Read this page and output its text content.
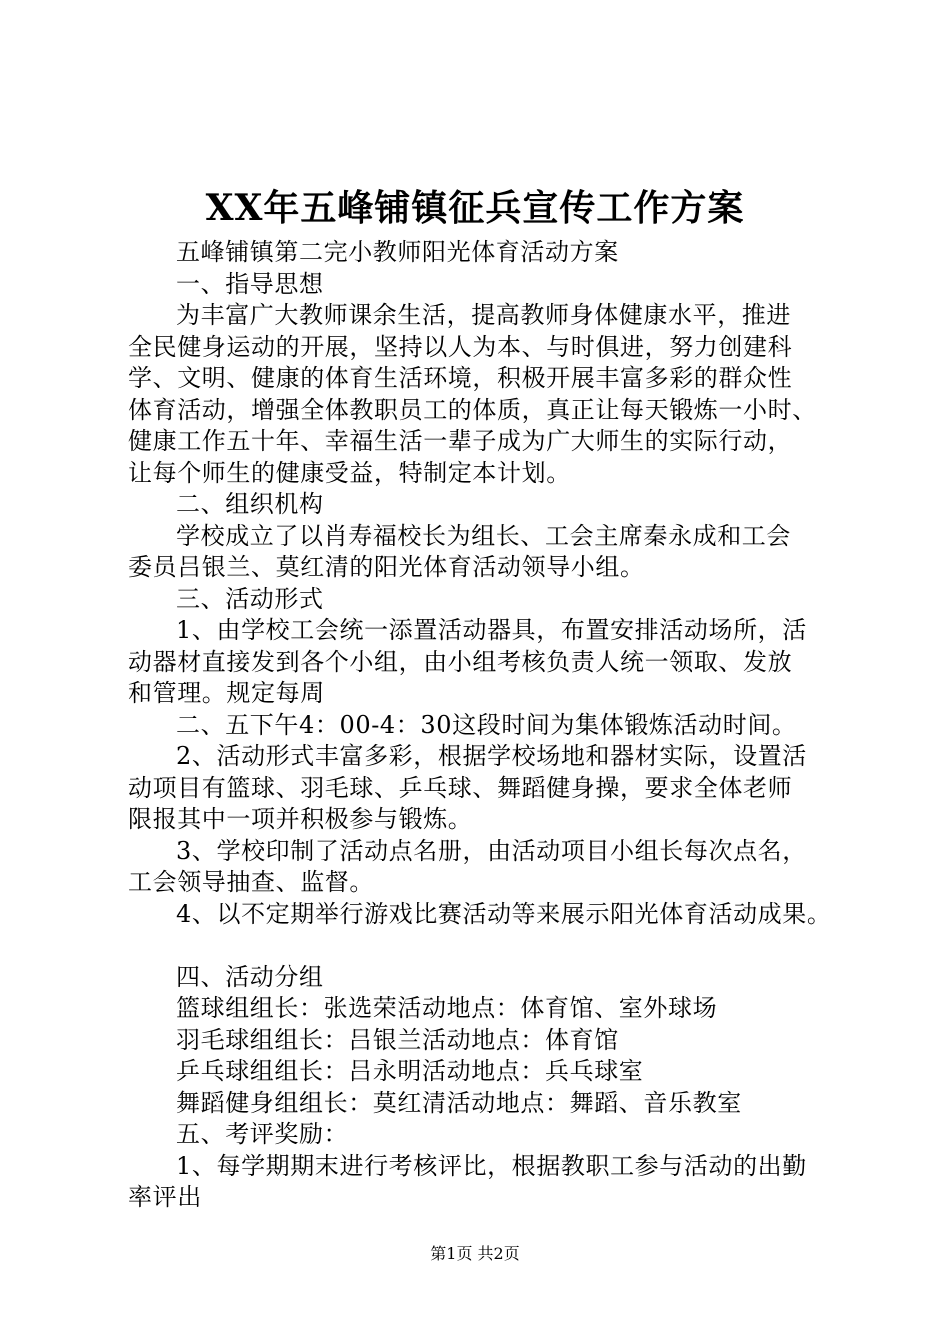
XX年五峰铺镇征兵宣传工作方案
五峰铺镇第二完小教师阳光体育活动方案
一、指导思想
为丰富广大教师课余生活，提高教师身体健康水平，推进
全民健身运动的开展，坚持以人为本、与时俱进，努力创建科
学、文明、健康的体育生活环境，积极开展丰富多彩的群众性
体育活动，增强全体教职员工的体质，真正让每天锻炼一小时、
健康工作五十年、幸福生活一辈子成为广大师生的实际行动，
让每个师生的健康受益，特制定本计划。
二、组织机构
学校成立了以肖寿福校长为组长、工会主席秦永成和工会
委员吕银兰、莫红清的阳光体育活动领导小组。
三、活动形式
1、由学校工会统一添置活动器具，布置安排活动场所，活
动器材直接发到各个小组，由小组考核负责人统一领取、发放
和管理。规定每周
二、五下午4：00-4：30这段时间为集体锻炼活动时间。
2、活动形式丰富多彩，根据学校场地和器材实际，设置活
动项目有篮球、羽毛球、乒乓球、舞蹈健身操，要求全体老师
限报其中一项并积极参与锻炼。
3、学校印制了活动点名册，由活动项目小组长每次点名，
工会领导抽查、监督。
4、以不定期举行游戏比赛活动等来展示阳光体育活动成果。
四、活动分组
篮球组组长：张选荣活动地点：体育馆、室外球场
羽毛球组组长：吕银兰活动地点：体育馆
乒乓球组组长：吕永明活动地点：兵乓球室
舞蹈健身组组长：莫红清活动地点：舞蹈、音乐教室
五、考评奖励：
1、每学期期末进行考核评比，根据教职工参与活动的出勤
率评出
第1页 共2页
